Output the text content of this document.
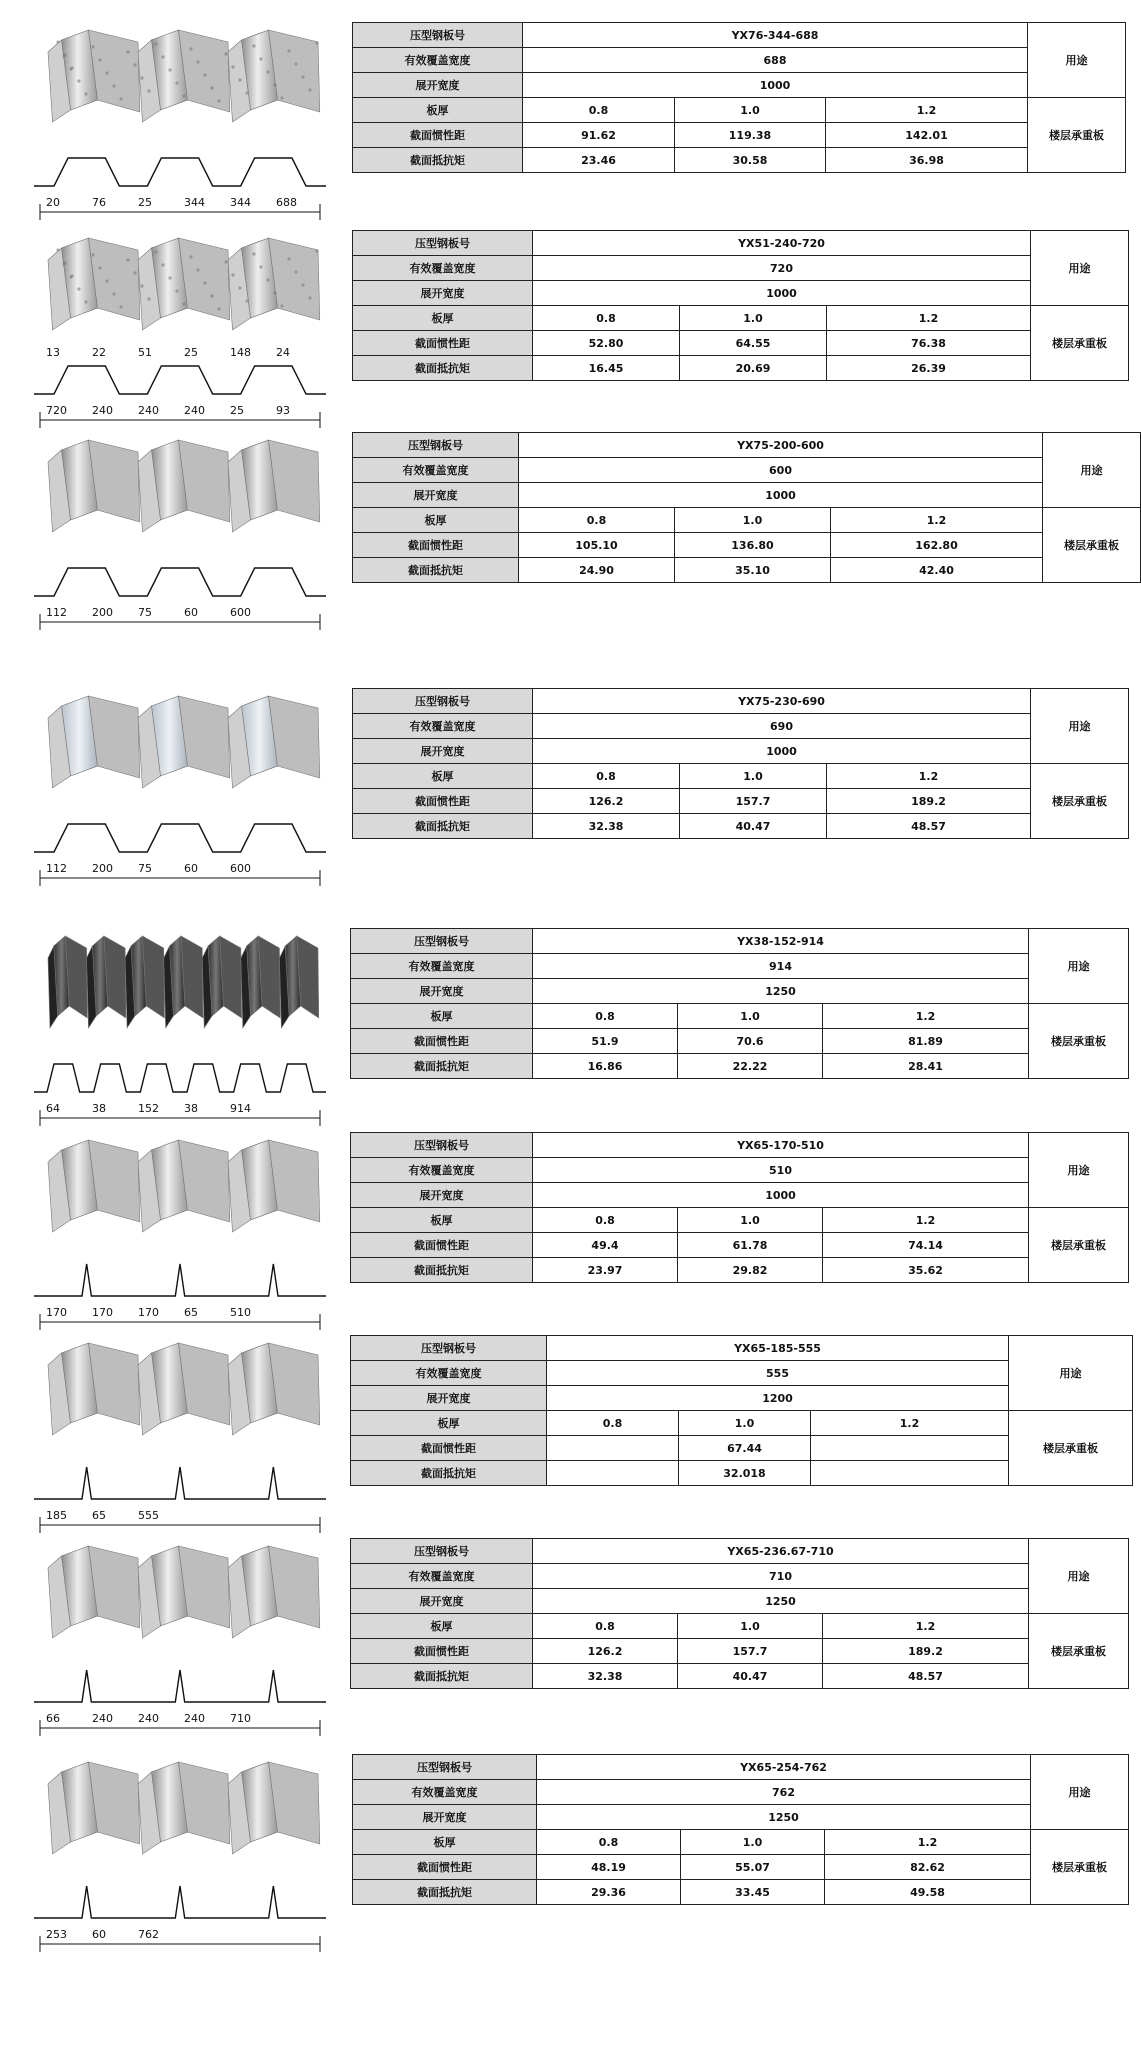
20	76	25	344 344 688
压型钢板号	YX76-344-688			用途
有效覆盖宽度	688			
展开宽度	1000			
板厚	0.8	1.0	1.2	楼层承重板
截面惯性距	91.62	119.38	142.01	
截面抵抗矩	23.46	30.58	36.98	
720 240 240 240 25	93
13	22	51	25	148 24
压型钢板号	YX51-240-720			用途
有效覆盖宽度	720			
展开宽度	1000			
板厚	0.8	1.0	1.2	楼层承重板
截面惯性距	52.80	64.55	76.38	
截面抵抗矩	16.45	20.69	26.39	
112 200 75	60	600
压型钢板号	YX75-200-600			用途
有效覆盖宽度	600			
展开宽度	1000			
板厚	0.8	1.0	1.2	楼层承重板
截面惯性距	105.10	136.80	162.80	
截面抵抗矩	24.90	35.10	42.40	
112 200 75	60	600
压型钢板号	YX75-230-690			用途
有效覆盖宽度	690			
展开宽度	1000			
板厚	0.8	1.0	1.2	楼层承重板
截面惯性距	126.2	157.7	189.2	
截面抵抗矩	32.38	40.47	48.57	
64	38	152 38	914
压型钢板号	YX38-152-914			用途
有效覆盖宽度	914			
展开宽度	1250			
板厚	0.8	1.0	1.2	楼层承重板
截面惯性距	51.9	70.6	81.89	
截面抵抗矩	16.86	22.22	28.41	
170 170 170 65	510
压型钢板号	YX65-170-510			用途
有效覆盖宽度	510			
展开宽度	1000			
板厚	0.8	1.0	1.2	楼层承重板
截面惯性距	49.4	61.78	74.14	
截面抵抗矩	23.97	29.82	35.62	
185 65	555
压型钢板号	YX65-185-555			用途
有效覆盖宽度	555			
展开宽度	1200			
板厚	0.8	1.0	1.2	楼层承重板
截面惯性距		67.44		
截面抵抗矩		32.018		
66	240 240 240 710
压型钢板号	YX65-236.67-710			用途
有效覆盖宽度	710			
展开宽度	1250			
板厚	0.8	1.0	1.2	楼层承重板
截面惯性距	126.2	157.7	189.2	
截面抵抗矩	32.38	40.47	48.57	
253 60	762
压型钢板号	YX65-254-762			用途
有效覆盖宽度	762			
展开宽度	1250			
板厚	0.8	1.0	1.2	楼层承重板
截面惯性距	48.19	55.07	82.62	
截面抵抗矩	29.36	33.45	49.58	
